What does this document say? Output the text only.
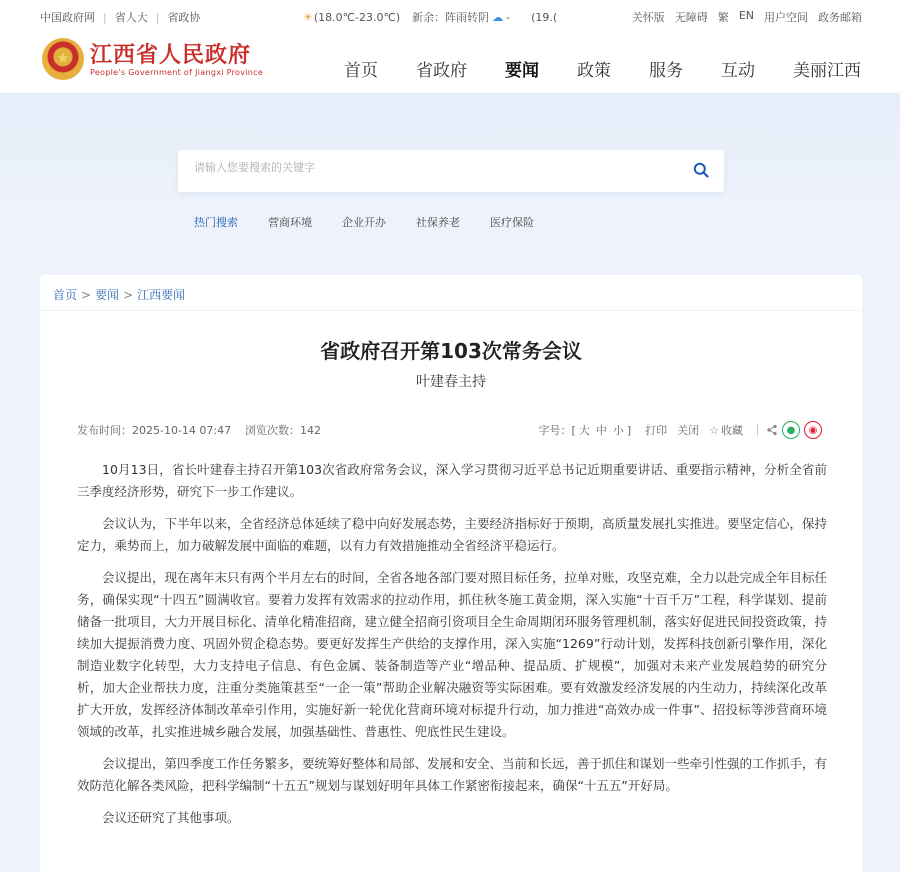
中国政府网 | 省人大 | 省政协	☀ (18.0℃-23.0℃) 新余：阵雨转阴 ☁ -      (19.(	关怀版 无障碍 繁 EN 用户空间 政务邮箱
江西省人民政府
People's Government of Jiangxi Province	首页 省政府 要闻 政策 服务 互动 美丽江西
请输入您要搜索的关键字
热门搜索	营商环境	企业开办	社保养老	医疗保险
首页 > 要闻 > 江西要闻
省政府召开第103次常务会议
叶建春主持
发布时间：2025-10-14 07:47 浏览次数：142	字号：[ 大 中 小 ] 打印 关闭 ☆ 收藏	●	◉

10月13日，省长叶建春主持召开第103次省政府常务会议，深入学习贯彻习近平总书记近期重要讲话、重要指示精神，分析全省前三季度经济形势，研究下一步工作建议。

会议认为，下半年以来，全省经济总体延续了稳中向好发展态势，主要经济指标好于预期，高质量发展扎实推进。要坚定信心，保持定力，乘势而上，加力破解发展中面临的难题，以有力有效措施推动全省经济平稳运行。

会议提出，现在离年末只有两个半月左右的时间，全省各地各部门要对照目标任务，拉单对账，攻坚克难，全力以赴完成全年目标任务，确保实现“十四五”圆满收官。要着力发挥有效需求的拉动作用，抓住秋冬施工黄金期，深入实施“十百千万”工程，科学谋划、提前储备一批项目，大力开展目标化、清单化精准招商，建立健全招商引资项目全生命周期闭环服务管理机制，落实好促进民间投资政策，持续加大提振消费力度、巩固外贸企稳态势。要更好发挥生产供给的支撑作用，深入实施“1269”行动计划，发挥科技创新引擎作用，深化制造业数字化转型，大力支持电子信息、有色金属、装备制造等产业“增品种、提品质、扩规模”，加强对未来产业发展趋势的研究分析，加大企业帮扶力度，注重分类施策甚至“一企一策”帮助企业解决融资等实际困难。要有效激发经济发展的内生动力，持续深化改革扩大开放，发挥经济体制改革牵引作用，实施好新一轮优化营商环境对标提升行动，加力推进“高效办成一件事”、招投标等涉营商环境领域的改革，扎实推进城乡融合发展，加强基础性、普惠性、兜底性民生建设。

会议提出，第四季度工作任务繁多，要统筹好整体和局部、发展和安全、当前和长远，善于抓住和谋划一些牵引性强的工作抓手，有效防范化解各类风险，把科学编制“十五五”规划与谋划好明年具体工作紧密衔接起来，确保“十五五”开好局。

会议还研究了其他事项。
